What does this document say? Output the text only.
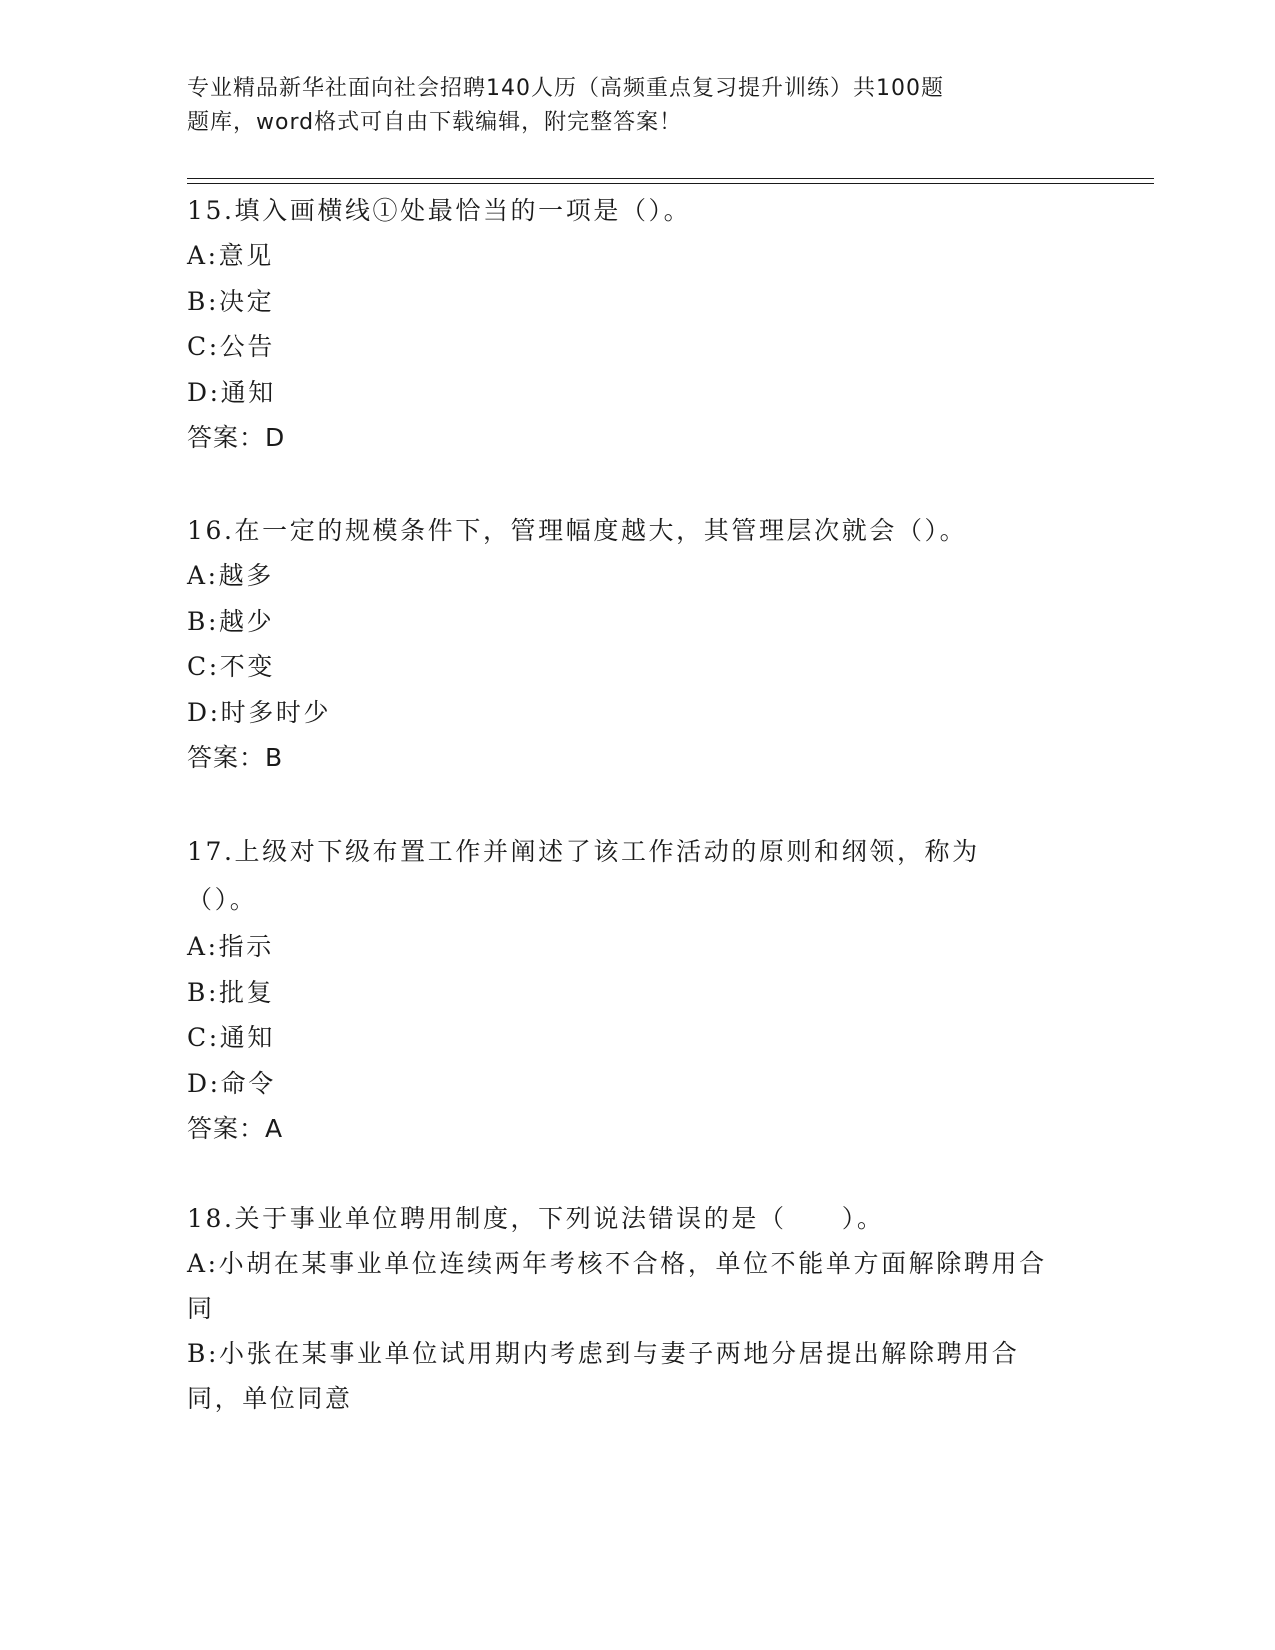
专业精品新华社面向社会招聘140人历（高频重点复习提升训练）共100题
题库，word格式可自由下载编辑，附完整答案！
15.填入画横线①处最恰当的一项是（）。
A:意见
B:决定
C:公告
D:通知
答案：D
16.在一定的规模条件下，管理幅度越大，其管理层次就会（）。
A:越多
B:越少
C:不变
D:时多时少
答案：B
17.上级对下级布置工作并阐述了该工作活动的原则和纲领，称为（）。
A:指示
B:批复
C:通知
D:命令
答案：A
18.关于事业单位聘用制度，下列说法错误的是（　　）。
A:小胡在某事业单位连续两年考核不合格，单位不能单方面解除聘用合同
B:小张在某事业单位试用期内考虑到与妻子两地分居提出解除聘用合同，单位同意
